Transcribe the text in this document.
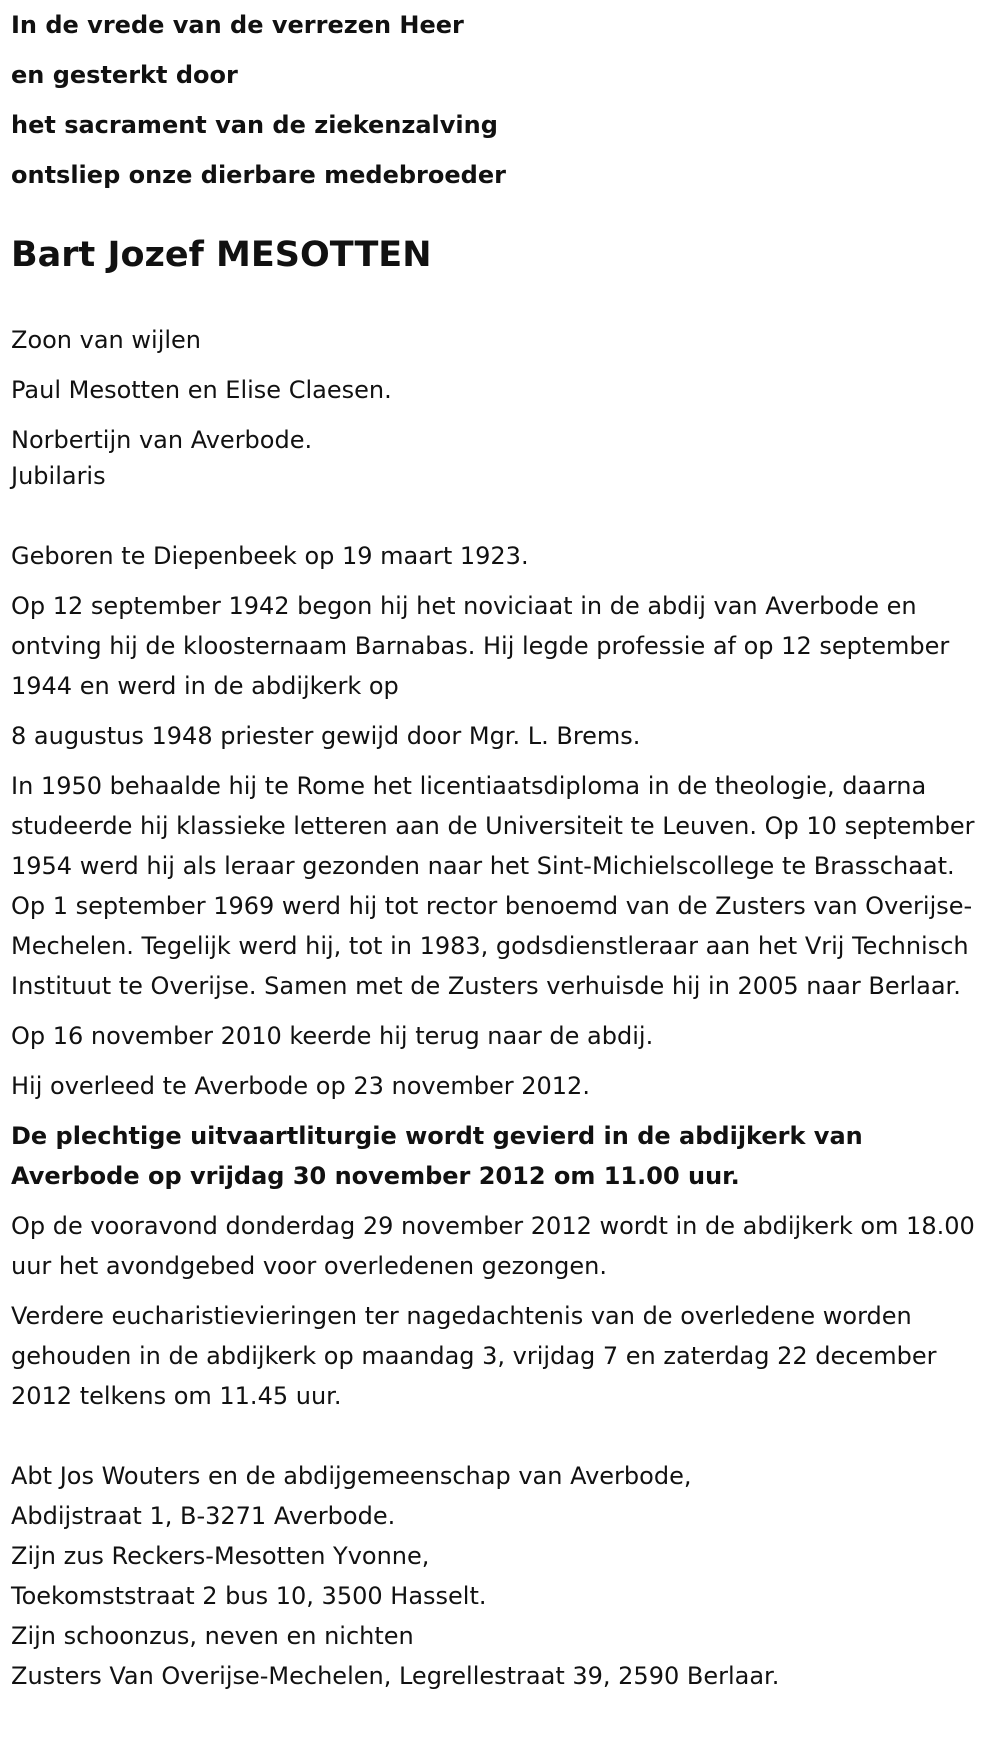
In de vrede van de verrezen Heer
en gesterkt door
het sacrament van de ziekenzalving
ontsliep onze dierbare medebroeder
Bart Jozef MESOTTEN

Zoon van wijlen

Paul Mesotten en Elise Claesen.

Norbertijn van Averbode.

Jubilaris

Geboren te Diepenbeek op 19 maart 1923.

Op 12 september 1942 begon hij het noviciaat in de abdij van Averbode en ontving hij de kloosternaam Barnabas. Hij legde professie af op 12 september 1944 en werd in de abdijkerk op

8 augustus 1948 priester gewijd door Mgr. L. Brems.

In 1950 behaalde hij te Rome het licentiaatsdiploma in de theologie, daarna studeerde hij klassieke letteren aan de Universiteit te Leuven. Op 10 september 1954 werd hij als leraar gezonden naar het Sint-Michielscollege te Brasschaat. Op 1 september 1969 werd hij tot rector benoemd van de Zusters van Overijse-Mechelen. Tegelijk werd hij, tot in 1983, godsdienstleraar aan het Vrij Technisch Instituut te Overijse. Samen met de Zusters verhuisde hij in 2005 naar Berlaar.

Op 16 november 2010 keerde hij terug naar de abdij.

Hij overleed te Averbode op 23 november 2012.

De plechtige uitvaartliturgie wordt gevierd in de abdijkerk van Averbode op vrijdag 30 november 2012 om 11.00 uur.

Op de vooravond donderdag 29 november 2012 wordt in de abdijkerk om 18.00 uur het avondgebed voor overledenen gezongen.

Verdere eucharistievieringen ter nagedachtenis van de overledene worden gehouden in de abdijkerk op maandag 3, vrijdag 7 en zaterdag 22 december 2012 telkens om 11.45 uur.

Abt Jos Wouters en de abdijgemeenschap van Averbode,
Abdijstraat 1, B-3271 Averbode.
Zijn zus Reckers-Mesotten Yvonne,
Toekomststraat 2 bus 10, 3500 Hasselt.
Zijn schoonzus, neven en nichten
Zusters Van Overijse-Mechelen, Legrellestraat 39, 2590 Berlaar.
